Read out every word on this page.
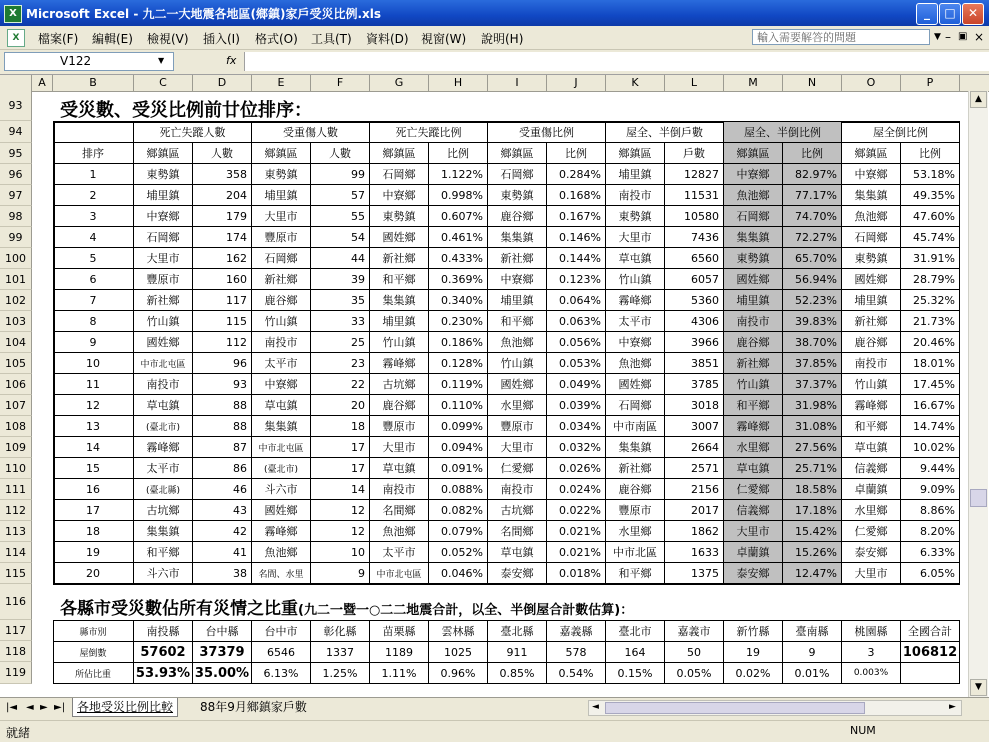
X Microsoft Excel - 九二一大地震各地區(鄉鎮)家戶受災比例.xls	_	□	✕
X	檔案(F) 編輯(E) 檢視(V) 插入(I) 格式(O) 工具(T) 資料(D) 視窗(W) 說明(H)	輸入需要解答的問題	▼ – ▣ ×
V122	▼	fx
A	B	C	D	E	F	G	H	I	J	K	L	M	N	O	P
93
94
95
96
97
98
99
100
101
102
103
104
105
106
107
108
109
110
111
112
113
114
115
116
117
118
119
受災數、受災比例前廿位排序：
死亡失蹤人數	受重傷人數	死亡失蹤比例	受重傷比例	屋全、半倒戶數	屋全、半倒比例	屋全倒比例
排序	鄉鎮區	人數	鄉鎮區	人數	鄉鎮區	比例	鄉鎮區	比例	鄉鎮區	戶數	鄉鎮區	比例	鄉鎮區	比例
1	東勢鎮	358	東勢鎮	99	石岡鄉	1.122%	石岡鄉	0.284%	埔里鎮	12827	中寮鄉	82.97%	中寮鄉	53.18%
2	埔里鎮	204	埔里鎮	57	中寮鄉	0.998%	東勢鎮	0.168%	南投市	11531	魚池鄉	77.17%	集集鎮	49.35%
3	中寮鄉	179	大里市	55	東勢鎮	0.607%	鹿谷鄉	0.167%	東勢鎮	10580	石岡鄉	74.70%	魚池鄉	47.60%
4	石岡鄉	174	豐原市	54	國姓鄉	0.461%	集集鎮	0.146%	大里市	7436	集集鎮	72.27%	石岡鄉	45.74%
5	大里市	162	石岡鄉	44	新社鄉	0.433%	新社鄉	0.144%	草屯鎮	6560	東勢鎮	65.70%	東勢鎮	31.91%
6	豐原市	160	新社鄉	39	和平鄉	0.369%	中寮鄉	0.123%	竹山鎮	6057	國姓鄉	56.94%	國姓鄉	28.79%
7	新社鄉	117	鹿谷鄉	35	集集鎮	0.340%	埔里鎮	0.064%	霧峰鄉	5360	埔里鎮	52.23%	埔里鎮	25.32%
8	竹山鎮	115	竹山鎮	33	埔里鎮	0.230%	和平鄉	0.063%	太平市	4306	南投市	39.83%	新社鄉	21.73%
9	國姓鄉	112	南投市	25	竹山鎮	0.186%	魚池鄉	0.056%	中寮鄉	3966	鹿谷鄉	38.70%	鹿谷鄉	20.46%
10	中市北屯區	96	太平市	23	霧峰鄉	0.128%	竹山鎮	0.053%	魚池鄉	3851	新社鄉	37.85%	南投市	18.01%
11	南投市	93	中寮鄉	22	古坑鄉	0.119%	國姓鄉	0.049%	國姓鄉	3785	竹山鎮	37.37%	竹山鎮	17.45%
12	草屯鎮	88	草屯鎮	20	鹿谷鄉	0.110%	水里鄉	0.039%	石岡鄉	3018	和平鄉	31.98%	霧峰鄉	16.67%
13	(臺北市)	88	集集鎮	18	豐原市	0.099%	豐原市	0.034%	中市南區	3007	霧峰鄉	31.08%	和平鄉	14.74%
14	霧峰鄉	87	中市北屯區	17	大里市	0.094%	大里市	0.032%	集集鎮	2664	水里鄉	27.56%	草屯鎮	10.02%
15	太平市	86	(臺北市)	17	草屯鎮	0.091%	仁愛鄉	0.026%	新社鄉	2571	草屯鎮	25.71%	信義鄉	9.44%
16	(臺北縣)	46	斗六市	14	南投市	0.088%	南投市	0.024%	鹿谷鄉	2156	仁愛鄉	18.58%	卓蘭鎮	9.09%
17	古坑鄉	43	國姓鄉	12	名間鄉	0.082%	古坑鄉	0.022%	豐原市	2017	信義鄉	17.18%	水里鄉	8.86%
18	集集鎮	42	霧峰鄉	12	魚池鄉	0.079%	名間鄉	0.021%	水里鄉	1862	大里市	15.42%	仁愛鄉	8.20%
19	和平鄉	41	魚池鄉	10	太平市	0.052%	草屯鎮	0.021%	中市北區	1633	卓蘭鎮	15.26%	泰安鄉	6.33%
20	斗六市	38	名間、水里	9	中市北屯區	0.046%	泰安鄉	0.018%	和平鄉	1375	泰安鄉	12.47%	大里市	6.05%
各縣市受災數佔所有災情之比重(九二一暨一○二二地震合計，以全、半倒屋合計數估算)：
縣市別	南投縣	台中縣	台中市	彰化縣	苗栗縣	雲林縣	臺北縣	嘉義縣	臺北市	嘉義市	新竹縣	臺南縣	桃園縣	全國合計
屋倒數	57602	37379	6546	1337	1189	1025	911	578	164	50	19	9	3	106812
所佔比重	53.93% 35.00%	6.13%	1.25%	1.11%	0.96%	0.85%	0.54%	0.15%	0.05%	0.02%	0.01%	0.003%
▲
▼
|◄ ◄ ► ►| 各地受災比例比較	88年9月鄉鎮家戶數	◄	►
就緒	NUM
